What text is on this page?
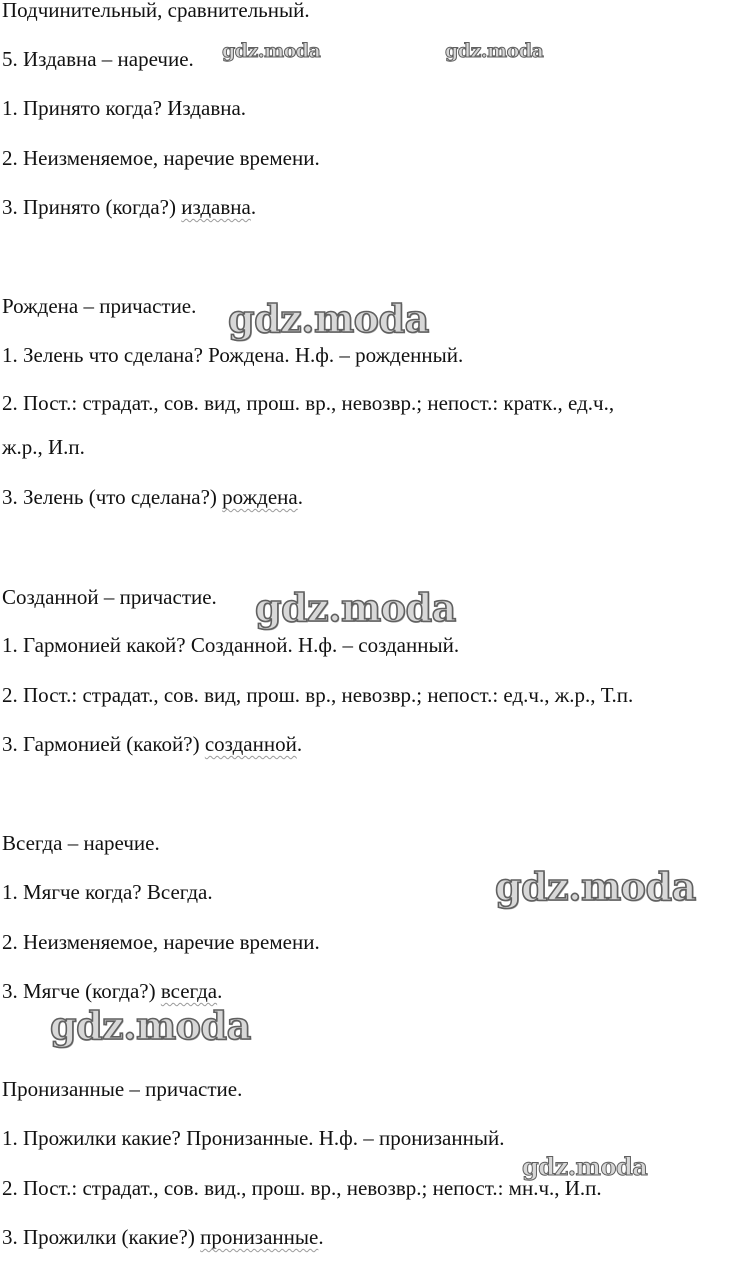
Подчинительный, сравнительный.
5. Издавна – наречие.
1. Принято когда? Издавна.
2. Неизменяемое, наречие времени.
3. Принято (когда?) издавна.
Рождена – причастие.
1. Зелень что сделана? Рождена. Н.ф. – рожденный.
2. Пост.: страдат., сов. вид, прош. вр., невозвр.; непост.: кратк., ед.ч.,
ж.р., И.п.
3. Зелень (что сделана?) рождена.
Созданной – причастие.
1. Гармонией какой? Созданной. Н.ф. – созданный.
2. Пост.: страдат., сов. вид, прош. вр., невозвр.; непост.: ед.ч., ж.р., Т.п.
3. Гармонией (какой?) созданной.
Всегда – наречие.
1. Мягче когда? Всегда.
2. Неизменяемое, наречие времени.
3. Мягче (когда?) всегда.
Пронизанные – причастие.
1. Прожилки какие? Пронизанные. Н.ф. – пронизанный.
2. Пост.: страдат., сов. вид., прош. вр., невозвр.; непост.: мн.ч., И.п.
3. Прожилки (какие?) пронизанные.
gdz.moda	gdz.moda
gdz.moda
gdz.moda
gdz.moda
gdz.moda
gdz.moda
